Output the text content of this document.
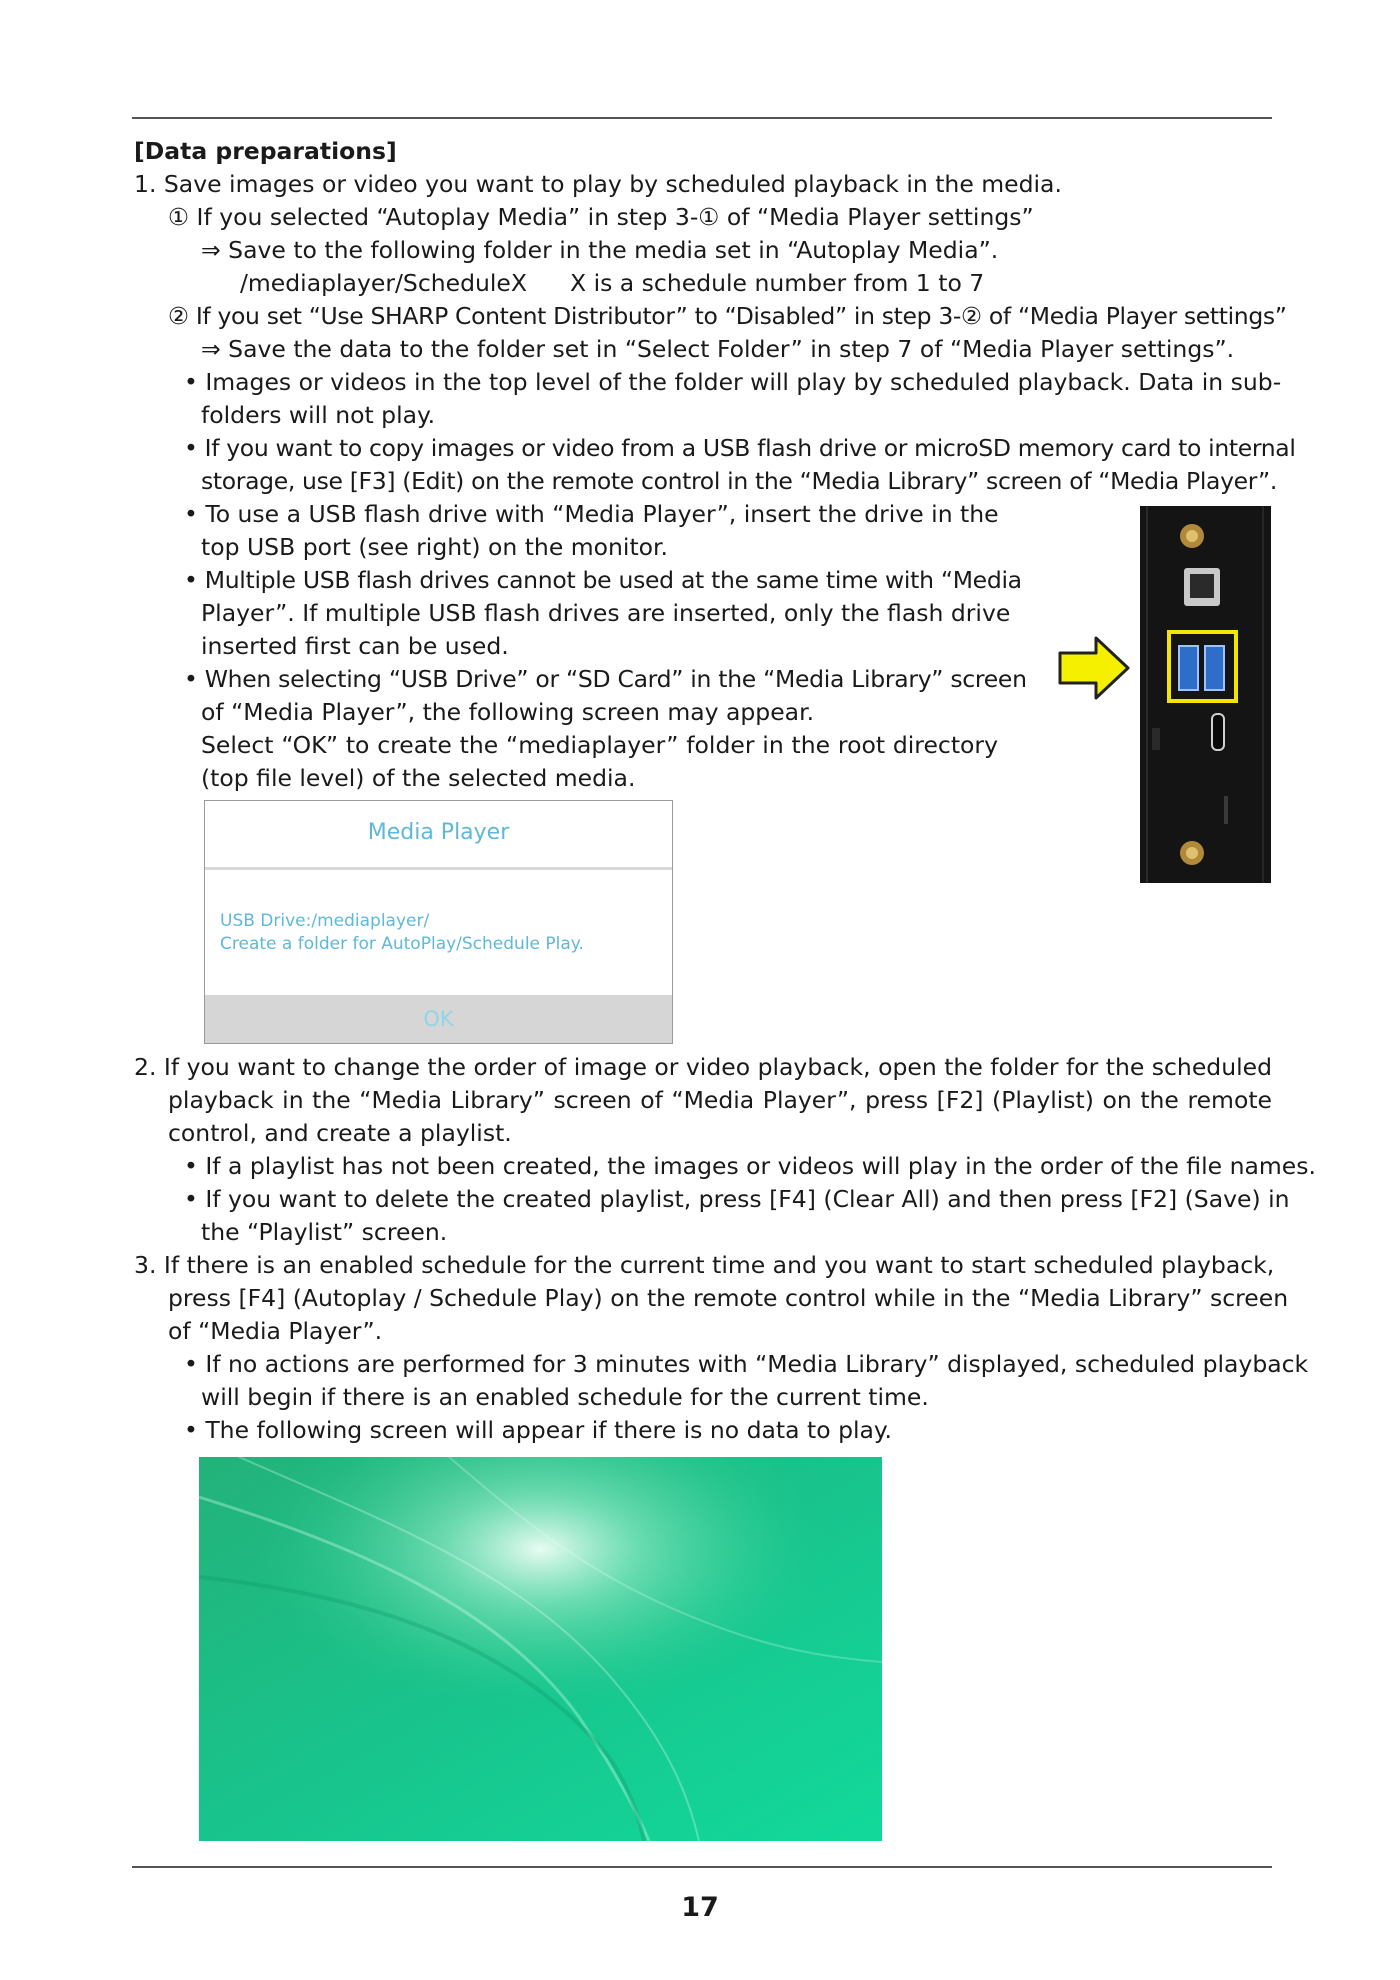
[Data preparations]
1. Save images or video you want to play by scheduled playback in the media.
① If you selected “Autoplay Media” in step 3-① of “Media Player settings”
⇒ Save to the following folder in the media set in “Autoplay Media”.
/mediaplayer/ScheduleX X is a schedule number from 1 to 7
② If you set “Use SHARP Content Distributor” to “Disabled” in step 3-② of “Media Player settings”
⇒ Save the data to the folder set in “Select Folder” in step 7 of “Media Player settings”.
• Images or videos in the top level of the folder will play by scheduled playback. Data in sub-
folders will not play.
• If you want to copy images or video from a USB flash drive or microSD memory card to internal
storage, use [F3] (Edit) on the remote control in the “Media Library” screen of “Media Player”.
• To use a USB flash drive with “Media Player”, insert the drive in the
top USB port (see right) on the monitor.
• Multiple USB flash drives cannot be used at the same time with “Media
Player”. If multiple USB flash drives are inserted, only the flash drive
inserted first can be used.
• When selecting “USB Drive” or “SD Card” in the “Media Library” screen
of “Media Player”, the following screen may appear.
Select “OK” to create the “mediaplayer” folder in the root directory
(top file level) of the selected media.
Media Player
USB Drive:/mediaplayer/
Create a folder for AutoPlay/Schedule Play.
OK
2. If you want to change the order of image or video playback, open the folder for the scheduled
playback in the “Media Library” screen of “Media Player”, press [F2] (Playlist) on the remote
control, and create a playlist.
• If a playlist has not been created, the images or videos will play in the order of the file names.
• If you want to delete the created playlist, press [F4] (Clear All) and then press [F2] (Save) in
the “Playlist” screen.
3. If there is an enabled schedule for the current time and you want to start scheduled playback,
press [F4] (Autoplay / Schedule Play) on the remote control while in the “Media Library” screen
of “Media Player”.
• If no actions are performed for 3 minutes with “Media Library” displayed, scheduled playback
will begin if there is an enabled schedule for the current time.
• The following screen will appear if there is no data to play.
17
